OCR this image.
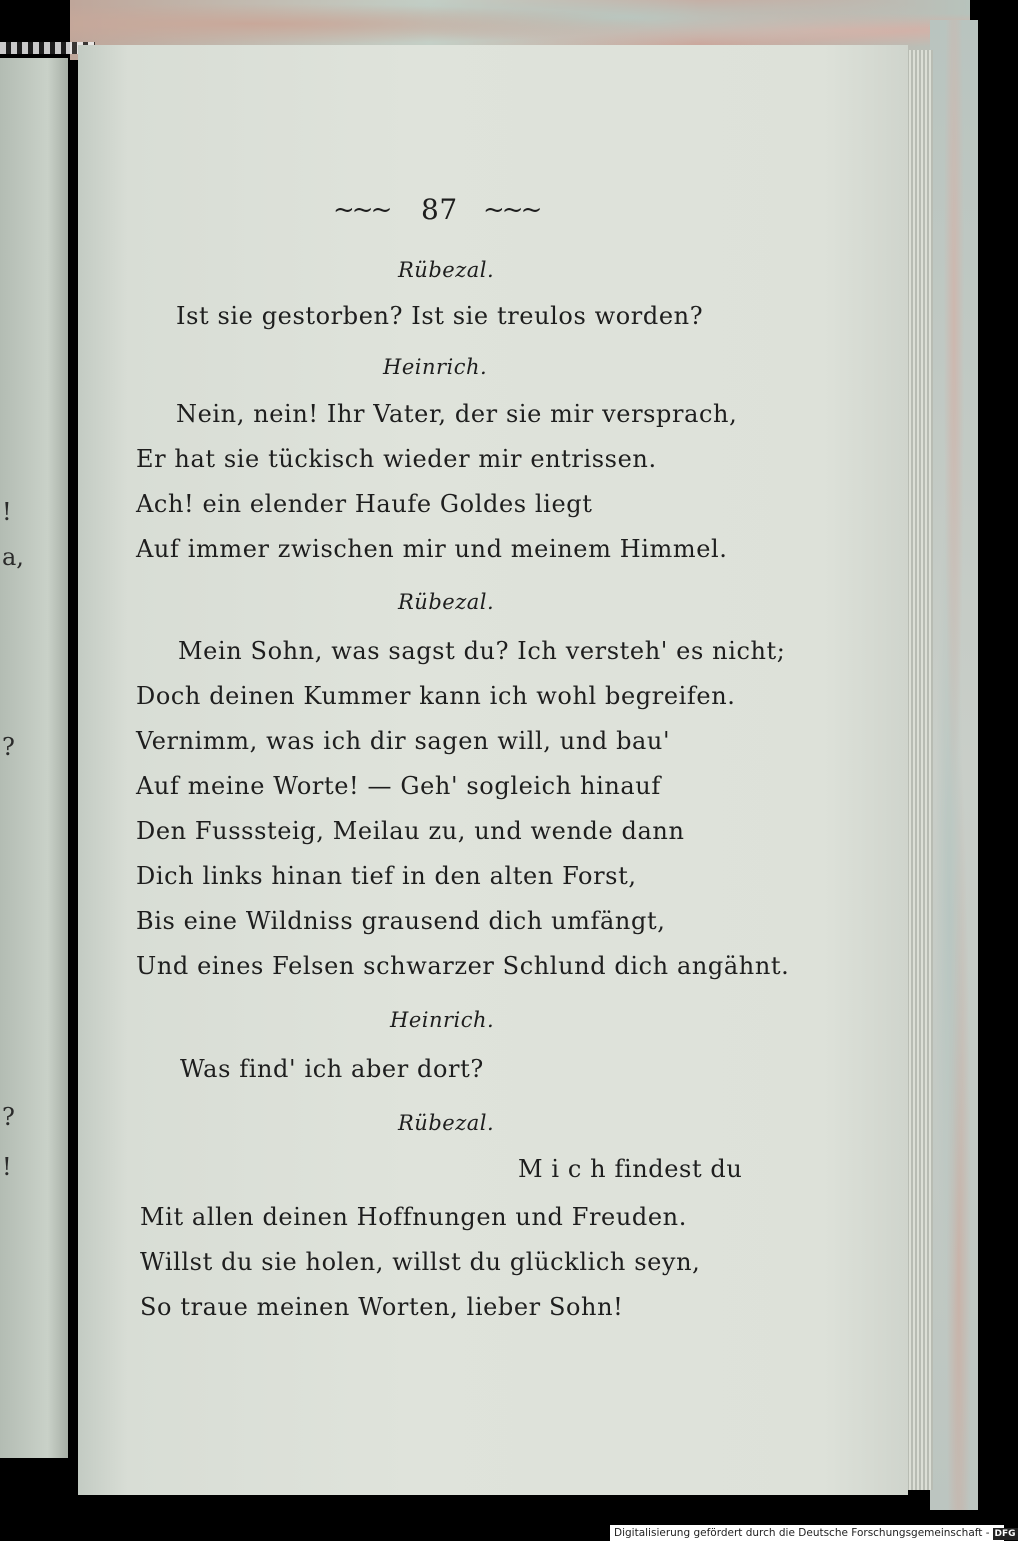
!
a,
?
?
!
~~~ 87 ~~~
Rübezal.
Ist sie gestorben? Ist sie treulos worden?
Heinrich.
Nein, nein! Ihr Vater, der sie mir versprach,
Er hat sie tückisch wieder mir entrissen.
Ach! ein elender Haufe Goldes liegt
Auf immer zwischen mir und meinem Himmel.
Rübezal.
Mein Sohn, was sagst du? Ich versteh' es nicht;
Doch deinen Kummer kann ich wohl begreifen.
Vernimm, was ich dir sagen will, und bau'
Auf meine Worte! — Geh' sogleich hinauf
Den Fusssteig, Meilau zu, und wende dann
Dich links hinan tief in den alten Forst,
Bis eine Wildniss grausend dich umfängt,
Und eines Felsen schwarzer Schlund dich angähnt.
Heinrich.
Was find' ich aber dort?
Rübezal.
M i c h findest du
Mit allen deinen Hoffnungen und Freuden.
Willst du sie holen, willst du glücklich seyn,
So traue meinen Worten, lieber Sohn!
Digitalisierung gefördert durch die Deutsche Forschungsgemeinschaft - DFG
